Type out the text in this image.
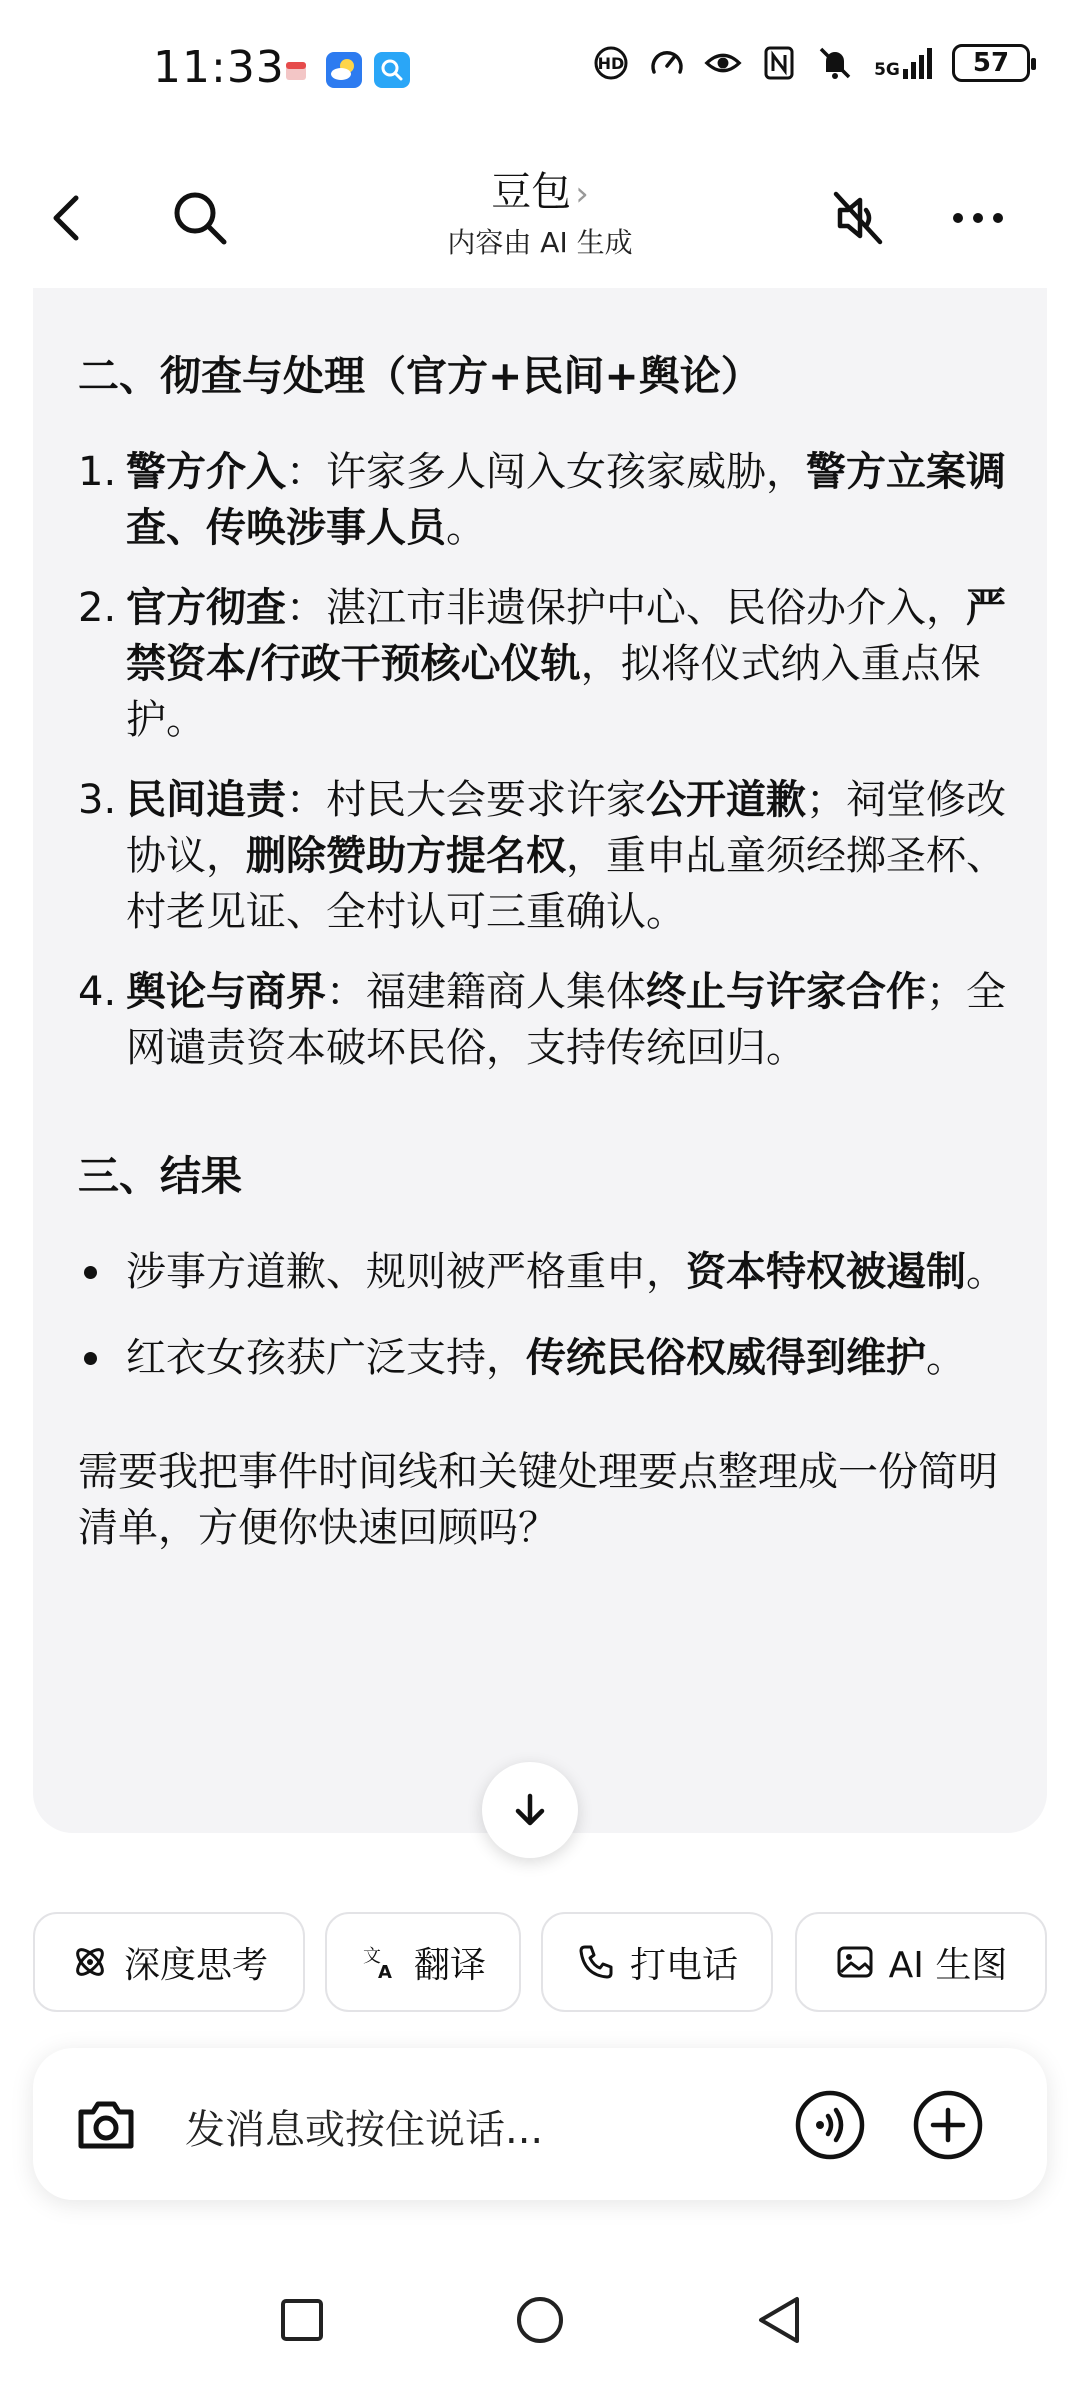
11:33	HD	5G	57
豆包 ›
内容由 AI 生成
二、彻查与处理（官方+民间+舆论）
1. 警方介入：许家多人闯入女孩家威胁，警方立案调查、传唤涉事人员。
2. 官方彻查：湛江市非遗保护中心、民俗办介入，严禁资本/行政干预核心仪轨，拟将仪式纳入重点保护。
3. 民间追责：村民大会要求许家公开道歉；祠堂修改协议，删除赞助方提名权，重申乩童须经掷圣杯、村老见证、全村认可三重确认。
4. 舆论与商界：福建籍商人集体终止与许家合作；全网谴责资本破坏民俗，支持传统回归。
三、结果
涉事方道歉、规则被严格重申，资本特权被遏制。
红衣女孩获广泛支持，传统民俗权威得到维护。
需要我把事件时间线和关键处理要点整理成一份简明清单，方便你快速回顾吗？
深度思考	文
A 翻译	打电话	AI 生图
发消息或按住说话...
